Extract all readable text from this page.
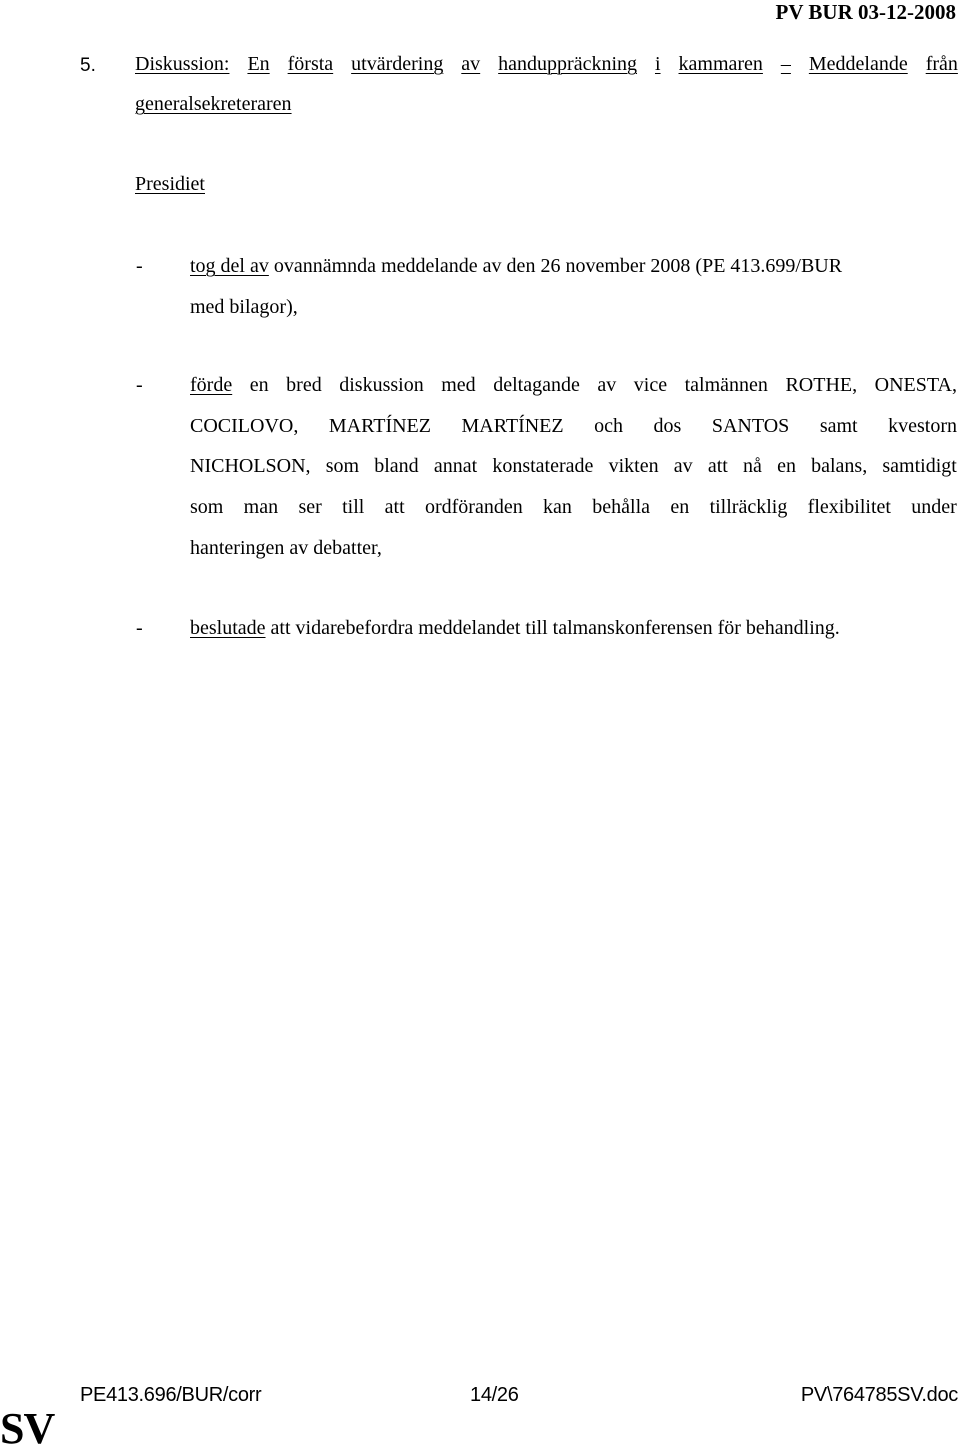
PV BUR 03-12-2008
5. Diskussion: En första utvärdering av handuppräckning i kammaren – Meddelande från
generalsekreteraren
Presidiet
- tog del av ovannämnda meddelande av den 26 november 2008 (PE 413.699/BUR
med bilagor),
- förde en bred diskussion med deltagande av vice talmännen ROTHE, ONESTA,
COCILOVO, MARTÍNEZ MARTÍNEZ och dos SANTOS samt kvestorn
NICHOLSON, som bland annat konstaterade vikten av att nå en balans, samtidigt
som man ser till att ordföranden kan behålla en tillräcklig flexibilitet under
hanteringen av debatter,
- beslutade att vidarebefordra meddelandet till talmanskonferensen för behandling.
PE413.696/BUR/corr	14/26	PV\764785SV.doc
SV
